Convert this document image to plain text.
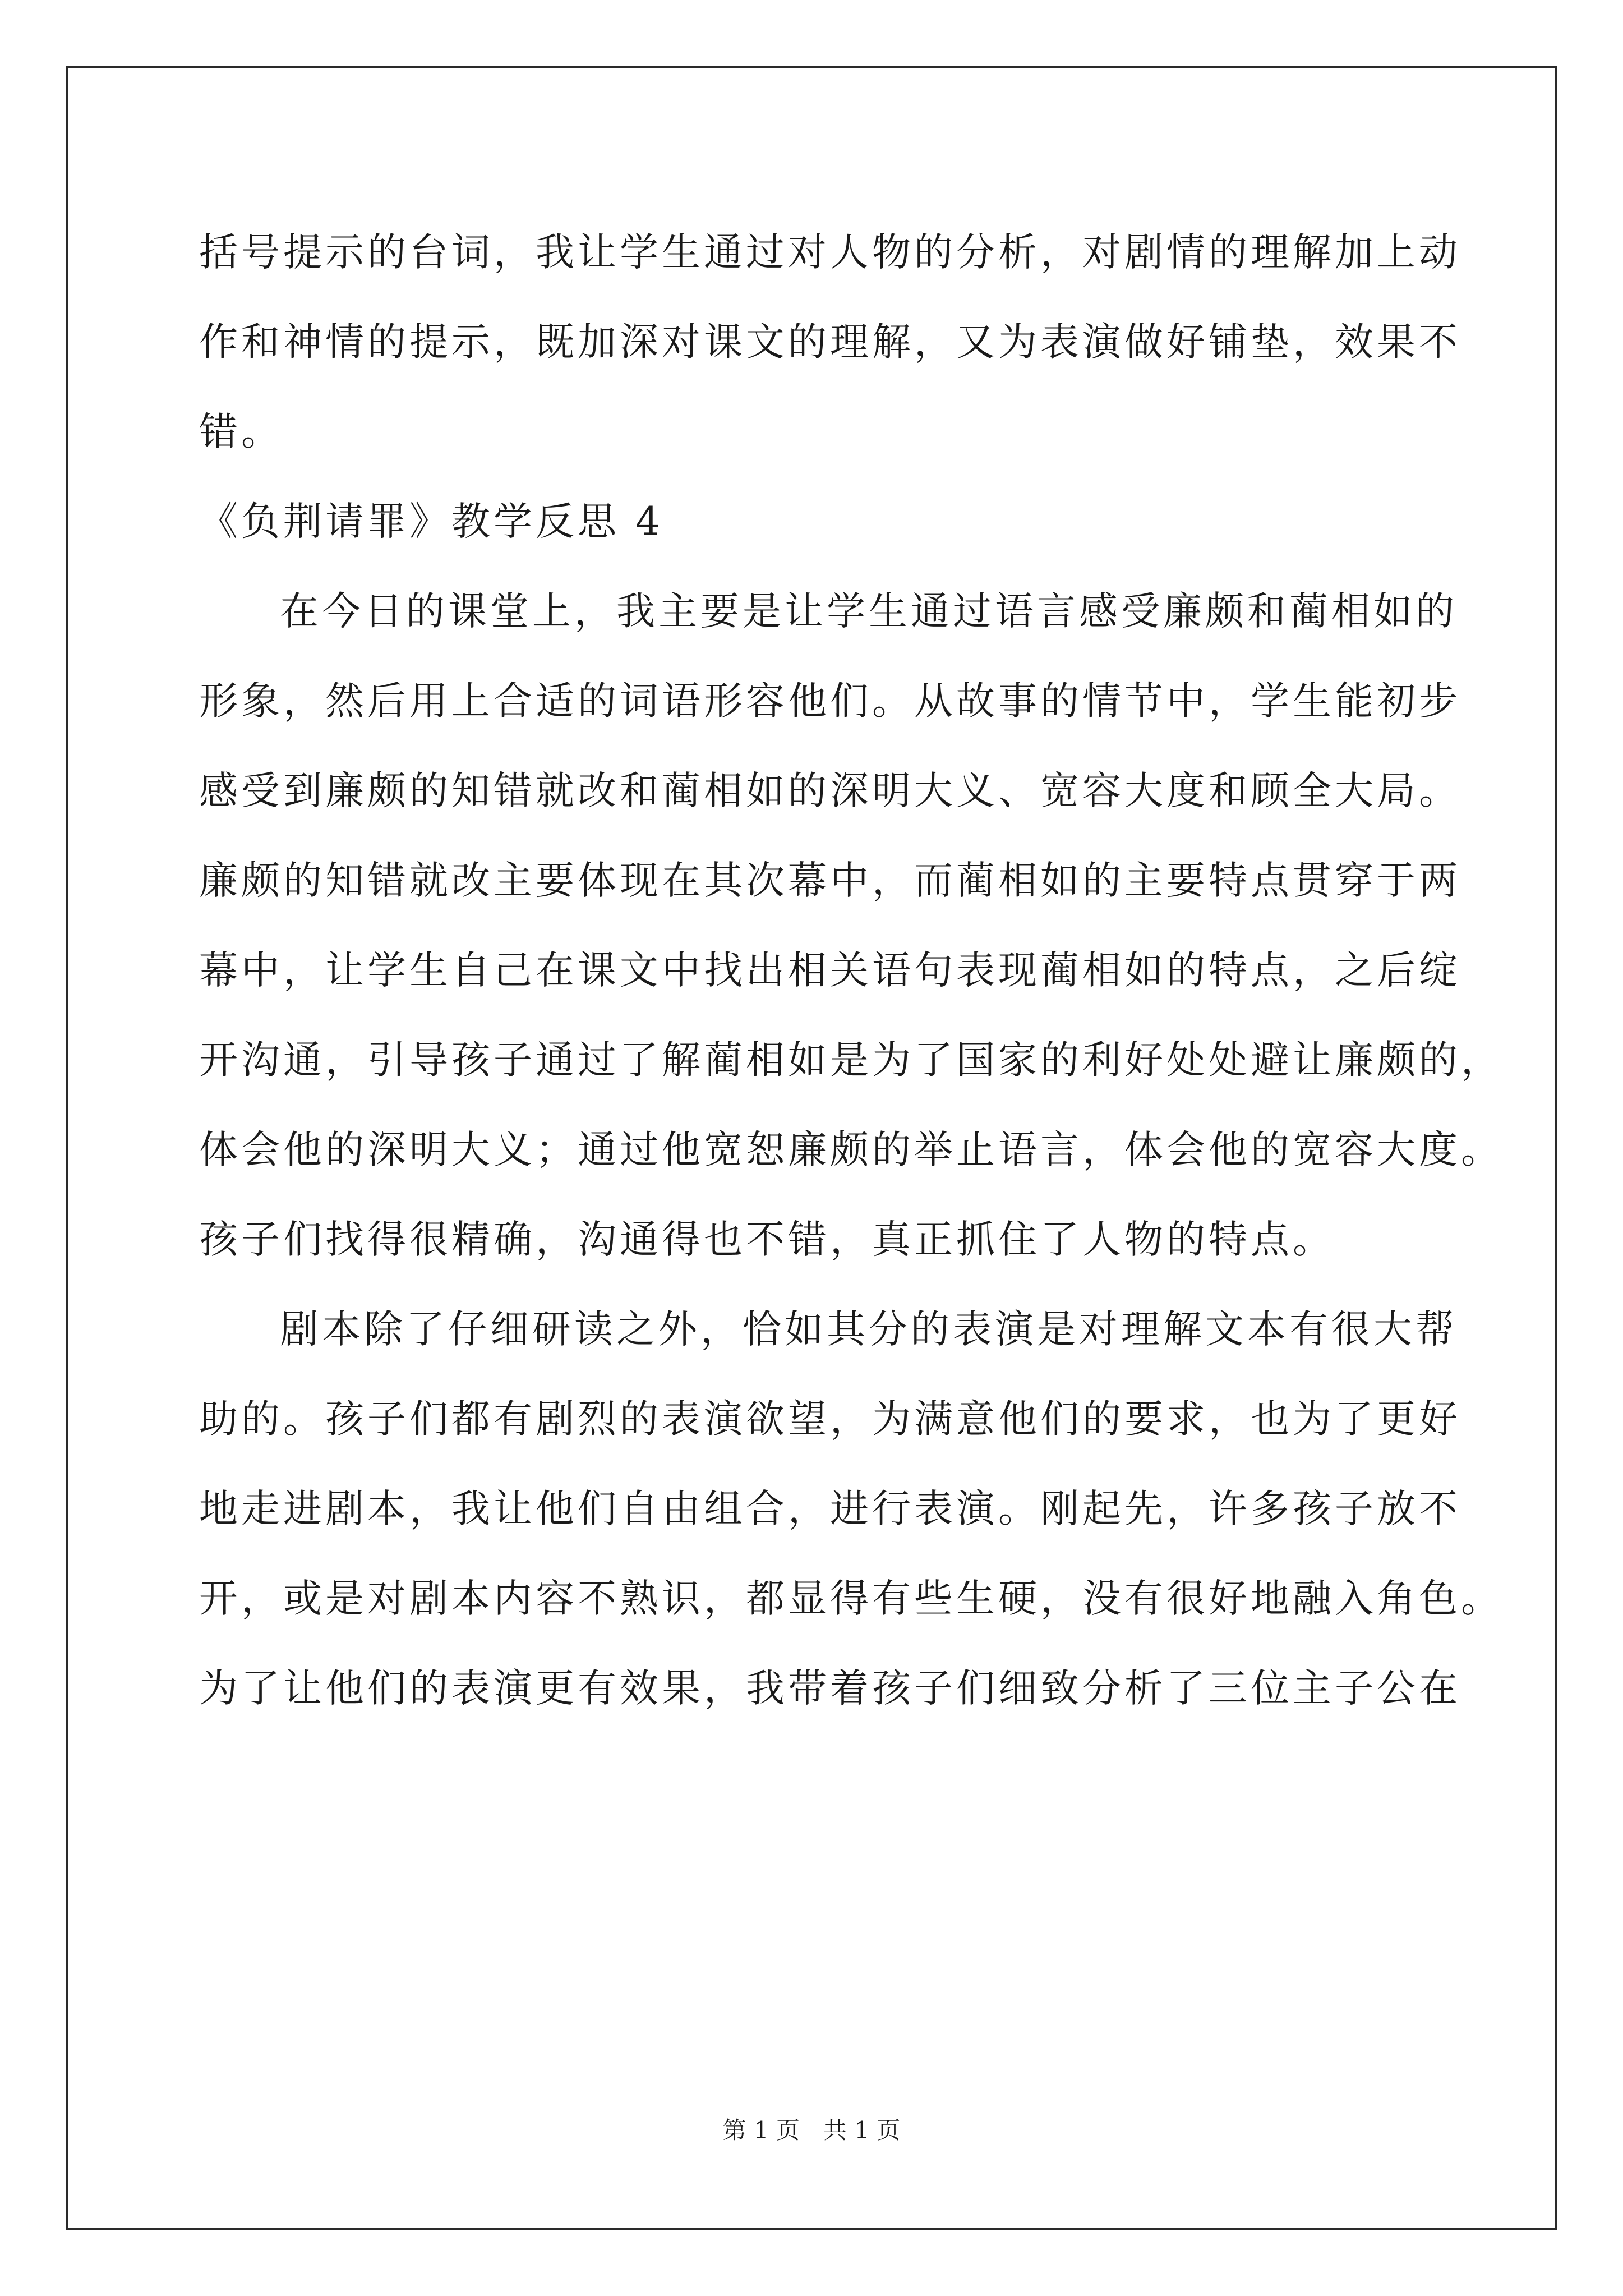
括号提示的台词，我让学生通过对人物的分析，对剧情的理解加上动
作和神情的提示，既加深对课文的理解，又为表演做好铺垫，效果不
错。
《负荆请罪》教学反思 4
在今日的课堂上，我主要是让学生通过语言感受廉颇和蔺相如的
形象，然后用上合适的词语形容他们。从故事的情节中，学生能初步
感受到廉颇的知错就改和蔺相如的深明大义、宽容大度和顾全大局。
廉颇的知错就改主要体现在其次幕中，而蔺相如的主要特点贯穿于两
幕中，让学生自己在课文中找出相关语句表现蔺相如的特点，之后绽
开沟通，引导孩子通过了解蔺相如是为了国家的利好处处避让廉颇的，
体会他的深明大义；通过他宽恕廉颇的举止语言，体会他的宽容大度。
孩子们找得很精确，沟通得也不错，真正抓住了人物的特点。
剧本除了仔细研读之外，恰如其分的表演是对理解文本有很大帮
助的。孩子们都有剧烈的表演欲望，为满意他们的要求，也为了更好
地走进剧本，我让他们自由组合，进行表演。刚起先，许多孩子放不
开，或是对剧本内容不熟识，都显得有些生硬，没有很好地融入角色。
为了让他们的表演更有效果，我带着孩子们细致分析了三位主子公在
第 1 页　共 1 页
